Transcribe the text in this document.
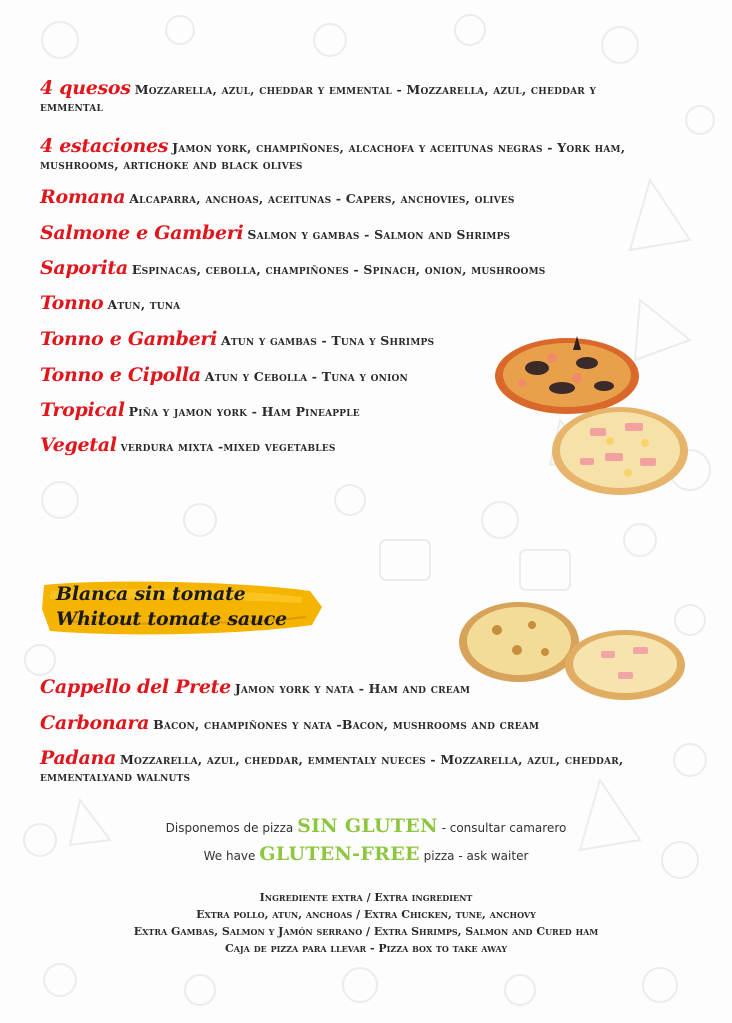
4 quesos Mozzarella, azul, cheddar y emmental - Mozzarella, azul, cheddar y emmental
4 estaciones Jamon york, champiñones, alcachofa y aceitunas negras - York ham, mushrooms, artichoke and black olives
Romana Alcaparra, anchoas, aceitunas - Capers, anchovies, olives
Salmone e Gamberi Salmon y gambas - Salmon and Shrimps
Saporita Espinacas, cebolla, champiñones - Spinach, onion, mushrooms
Tonno Atun, tuna
Tonno e Gamberi Atun y gambas - Tuna y Shrimps
Tonno e Cipolla Atun y Cebolla - Tuna y onion
Tropical Piña y jamon york - Ham Pineapple
Vegetal verdura mixta -mixed vegetables
Blanca sin tomate
Whitout tomate sauce
Cappello del Prete Jamon york y nata - Ham and cream
Carbonara Bacon, champiñones y nata -Bacon, mushrooms and cream
Padana Mozzarella, azul, cheddar, emmentaly nueces - Mozzarella, azul, cheddar, emmentalyand walnuts
Disponemos de pizza SIN GLUTEN - consultar camarero
We have GLUTEN-FREE pizza - ask waiter
Ingrediente extra / Extra ingredient
Extra pollo, atun, anchoas / Extra Chicken, tune, anchovy
Extra Gambas, Salmon y Jamón serrano / Extra Shrimps, Salmon and Cured ham
Caja de pizza para llevar - Pizza box to take away
